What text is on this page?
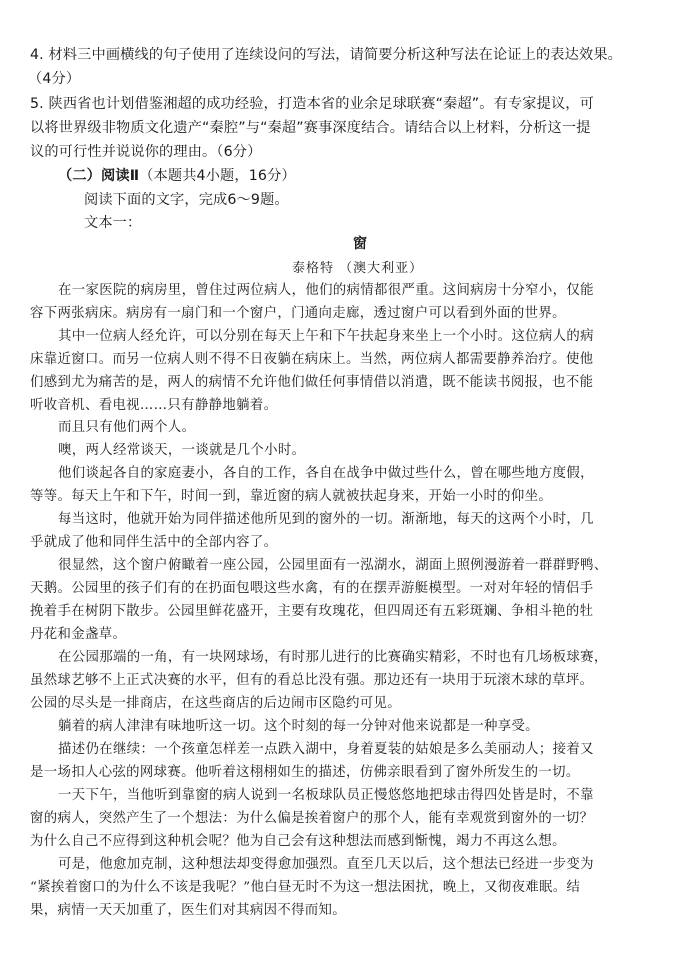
4. 材料三中画横线的句子使用了连续设问的写法，请简要分析这种写法在论证上的表达效果。
（4分）
5. 陕西省也计划借鉴湘超的成功经验，打造本省的业余足球联赛“秦超”。有专家提议，可
以将世界级非物质文化遗产“秦腔”与“秦超”赛事深度结合。请结合以上材料，分析这一提
议的可行性并说说你的理由。（6分）
（二）阅读Ⅱ（本题共4小题，16分）
阅读下面的文字，完成6～9题。
文本一：
窗
泰格特 （澳大利亚）
在一家医院的病房里，曾住过两位病人，他们的病情都很严重。这间病房十分窄小，仅能
容下两张病床。病房有一扇门和一个窗户，门通向走廊，透过窗户可以看到外面的世界。
其中一位病人经允许，可以分别在每天上午和下午扶起身来坐上一个小时。这位病人的病
床靠近窗口。而另一位病人则不得不日夜躺在病床上。当然，两位病人都需要静养治疗。使他
们感到尤为痛苦的是，两人的病情不允许他们做任何事情借以消遣，既不能读书阅报，也不能
听收音机、看电视……只有静静地躺着。
而且只有他们两个人。
噢，两人经常谈天，一谈就是几个小时。
他们谈起各自的家庭妻小，各自的工作，各自在战争中做过些什么，曾在哪些地方度假，
等等。每天上午和下午，时间一到，靠近窗的病人就被扶起身来，开始一小时的仰坐。
每当这时，他就开始为同伴描述他所见到的窗外的一切。渐渐地，每天的这两个小时，几
乎就成了他和同伴生活中的全部内容了。
很显然，这个窗户俯瞰着一座公园，公园里面有一泓湖水，湖面上照例漫游着一群群野鸭、
天鹅。公园里的孩子们有的在扔面包喂这些水禽，有的在摆弄游艇模型。一对对年轻的情侣手
挽着手在树阴下散步。公园里鲜花盛开，主要有玫瑰花，但四周还有五彩斑斓、争相斗艳的牡
丹花和金盏草。
在公园那端的一角，有一块网球场，有时那儿进行的比赛确实精彩，不时也有几场板球赛，
虽然球艺够不上正式决赛的水平，但有的看总比没有强。那边还有一块用于玩滚木球的草坪。
公园的尽头是一排商店，在这些商店的后边闹市区隐约可见。
躺着的病人津津有味地听这一切。这个时刻的每一分钟对他来说都是一种享受。
描述仍在继续：一个孩童怎样差一点跌入湖中，身着夏装的姑娘是多么美丽动人；接着又
是一场扣人心弦的网球赛。他听着这栩栩如生的描述，仿佛亲眼看到了窗外所发生的一切。
一天下午，当他听到靠窗的病人说到一名板球队员正慢悠悠地把球击得四处皆是时，不靠
窗的病人，突然产生了一个想法：为什么偏是挨着窗户的那个人，能有幸观赏到窗外的一切？
为什么自己不应得到这种机会呢？他为自己会有这种想法而感到惭愧，竭力不再这么想。
可是，他愈加克制，这种想法却变得愈加强烈。直至几天以后，这个想法已经进一步变为
“紧挨着窗口的为什么不该是我呢？”他白昼无时不为这一想法困扰，晚上，又彻夜难眠。结
果，病情一天天加重了，医生们对其病因不得而知。
